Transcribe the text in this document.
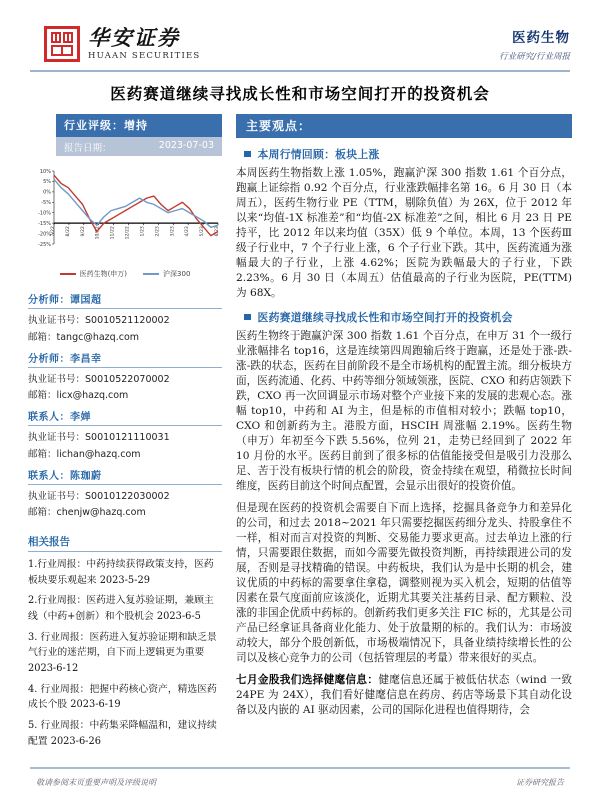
华安证券
HUAAN SECURITIES
医药生物
行业研究/行业周报
医药赛道继续寻找成长性和市场空间打开的投资机会
行业评级：增持
报告日期：	2023-07-03
10%
5%
0%
-5%
-10%
-15%
-20%
-25%
7/22 8/22 9/22 10/22 11/22 12/22 1/23 2/23 3/23 4/23 5/23 6/23
医药生物(申万)	沪深300
分析师：谭国超
执业证书号：S0010521120002
邮箱：tangc@hazq.com
分析师：李昌幸
执业证书号：S0010522070002
邮箱：licx@hazq.com
联系人：李婵
执业证书号：S0010121110031
邮箱：lichan@hazq.com
联系人：陈珈蔚
执业证书号：S0010122030002
邮箱：chenjw@hazq.com
相关报告
1.行业周报：中药持续获得政策支持，医药板块要乐观起来 2023-5-29
2.行业周报：医药进入复苏验证期，兼顾主线（中药+创新）和个股机会 2023-6-5
3. 行业周报：医药进入复苏验证期和缺乏景气行业的迷茫期，自下而上逻辑更为重要 2023-6-12
4. 行业周报：把握中药核心资产，精选医药成长个股 2023-6-19
5. 行业周报：中药集采降幅温和，建议持续配置 2023-6-26
主要观点：
本周行情回顾：板块上涨

本周医药生物指数上涨 1.05%，跑赢沪深 300 指数 1.61 个百分点，跑赢上证综指 0.92 个百分点，行业涨跌幅排名第 16。6 月 30 日（本周五），医药生物行业 PE（TTM，剔除负值）为 26X，位于 2012 年以来“均值-1X 标准差”和“均值-2X 标准差”之间，相比 6 月 23 日 PE 持平，比 2012 年以来均值（35X）低 9 个单位。本周，13 个医药Ⅲ级子行业中，7 个子行业上涨，6 个子行业下跌。其中，医药流通为涨幅最大的子行业，上涨 4.62%；医院为跌幅最大的子行业，下跌 2.23%。6 月 30 日（本周五）估值最高的子行业为医院，PE(TTM) 为 68X。

医药赛道继续寻找成长性和市场空间打开的投资机会

医药生物终于跑赢沪深 300 指数 1.61 个百分点，在申万 31 个一级行业涨幅排名 top16，这是连续第四周跑输后终于跑赢，还是处于涨-跌-涨-跌的状态，医药在目前阶段不是全市场机构的配置主流。细分板块方面，医药流通、化药、中药等细分领域领涨，医院、CXO 和药店领跌下跌，CXO 再一次回调显示市场对整个产业接下来的发展的悲观心态。涨幅 top10，中药和 AI 为主，但是标的市值相对较小；跌幅 top10，CXO 和创新药为主。港股方面，HSCIH 周涨幅 2.19%。医药生物（申万）年初至今下跌 5.56%，位列 21，走势已经回到了 2022 年 10 月份的水平。医药目前到了很多标的估值能接受但是吸引力没那么足、苦于没有板块行情的机会的阶段，资金持续在观望，稍微拉长时间维度，医药目前这个时间点配置，会显示出很好的投资价值。

但是现在医药的投资机会需要自下而上选择，挖掘具备竞争力和差异化的公司，和过去 2018~2021 年只需要挖掘医药细分龙头、持股拿住不一样，相对而言对投资的判断、交易能力要求更高。过去单边上涨的行情，只需要跟住数据，而如今需要先做投资判断，再持续跟进公司的发展，否则是寻找精确的错误。中药板块，我们认为是中长期的机会，建议优质的中药标的需要拿住拿稳，调整则视为买入机会，短期的估值等因素在景气度面前应该淡化，近期尤其要关注基药目录、配方颗粒、没涨的非国企优质中药标的。创新药我们更多关注 FIC 标的，尤其是公司产品已经拿证具备商业化能力、处于放量期的标的。我们认为：市场波动较大，部分个股创新低，市场极端情况下，具备业绩持续增长性的公司以及核心竞争力的公司（包括管理层的考量）带来很好的买点。

七月金股我们选择健麾信息：健麾信息还属于被低估状态（wind 一致 24PE 为 24X），我们看好健麾信息在药房、药店等场景下其自动化设备以及内嵌的 AI 驱动因素，公司的国际化进程也值得期待，会

敬请参阅末页重要声明及评级说明	证券研究报告
